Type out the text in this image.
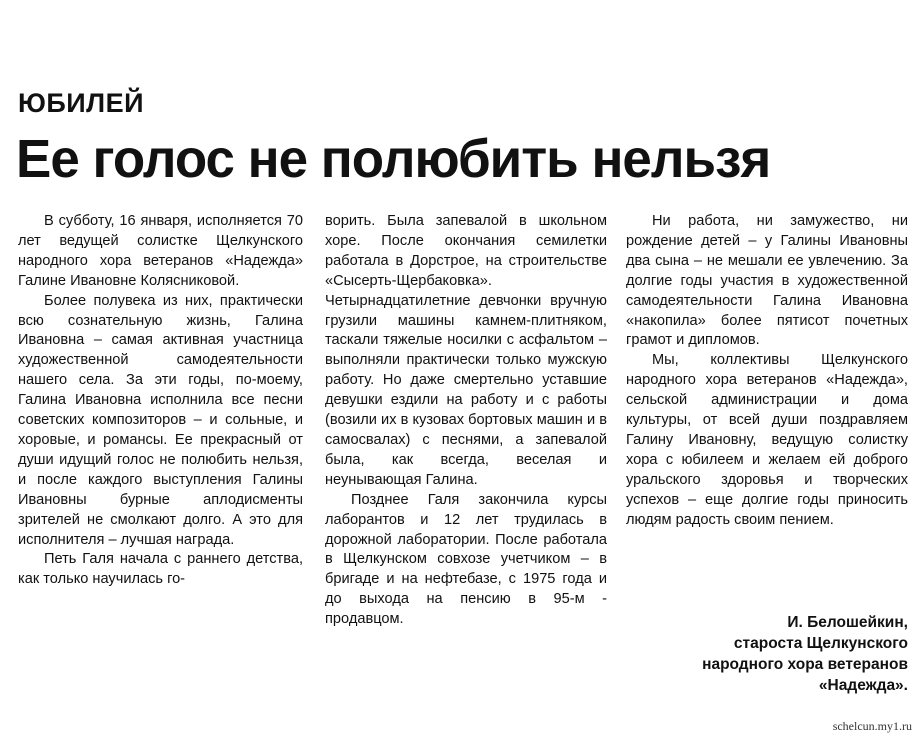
ЮБИЛЕЙ
Ее голос не полюбить нельзя

В субботу, 16 января, исполняется 70 лет ведущей солистке Щелкунского народного хора ветеранов «Надежда» Галине Ивановне Колясниковой.

Более полувека из них, практически всю сознательную жизнь, Галина Ивановна – самая активная участница художественной самодеятельности нашего села. За эти годы, по-моему, Галина Ивановна исполнила все песни советских композиторов – и сольные, и хоровые, и романсы. Ее прекрасный от души идущий голос не полюбить нельзя, и после каждого выступления Галины Ивановны бурные аплодисменты зрителей не смолкают долго. А это для исполнителя – лучшая награда.

Петь Галя начала с раннего детства, как только научилась го-

ворить. Была запевалой в школьном хоре. После окончания семилетки работала в Дорстрое, на строительстве «Сысерть-Щербаковка». Четырнадцатилетние девчонки вручную грузили машины камнем-плитняком, таскали тяжелые носилки с асфальтом – выполняли практически только мужскую работу. Но даже смертельно уставшие девушки ездили на работу и с работы (возили их в кузовах бортовых машин и в самосвалах) с песнями, а запевалой была, как всегда, веселая и неунывающая Галина.

Позднее Галя закончила курсы лаборантов и 12 лет трудилась в дорожной лаборатории. После работала в Щелкунском совхозе учетчиком – в бригаде и на нефтебазе, с 1975 года и до выхода на пенсию в 95-м - продавцом.

Ни работа, ни замужество, ни рождение детей – у Галины Ивановны два сына – не мешали ее увлечению. За долгие годы участия в художественной самодеятельности Галина Ивановна «накопила» более пятисот почетных грамот и дипломов.

Мы, коллективы Щелкунского народного хора ветеранов «Надежда», сельской администрации и дома культуры, от всей души поздравляем Галину Ивановну, ведущую солистку хора с юбилеем и желаем ей доброго уральского здоровья и творческих успехов – еще долгие годы приносить людям радость своим пением.

И. Белошейкин,
староста Щелкунского
народного хора ветеранов
«Надежда».
schelcun.my1.ru
